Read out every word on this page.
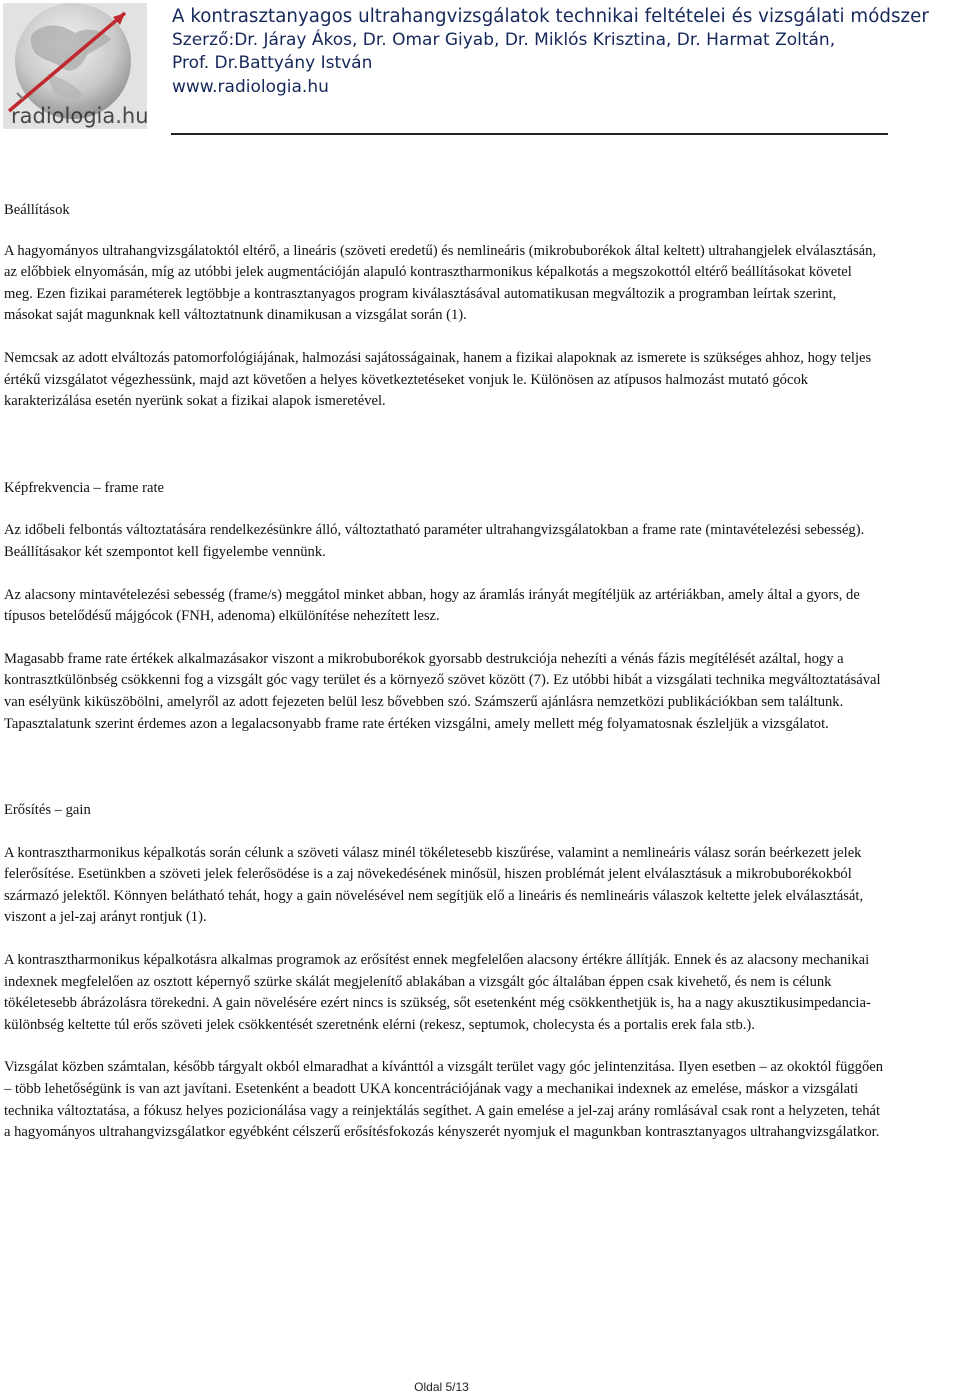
radiologia.hu
A kontrasztanyagos ultrahangvizsgálatok technikai feltételei és vizsgálati módszer
Szerző:Dr. Járay Ákos, Dr. Omar Giyab, Dr. Miklós Krisztina, Dr. Harmat Zoltán,
Prof. Dr.Battyány István
www.radiologia.hu

Beállítások

A hagyományos ultrahangvizsgálatoktól eltérő, a lineáris (szöveti eredetű) és nemlineáris (mikrobuborékok által keltett) ultrahangjelek elválasztásán, az előbbiek elnyomásán, míg az utóbbi jelek augmentációján alapuló kontrasztharmonikus képalkotás a megszokottól eltérő beállításokat követel meg. Ezen fizikai paraméterek legtöbbje a kontrasztanyagos program kiválasztásával automatikusan megváltozik a programban leírtak szerint, másokat saját magunknak kell változtatnunk dinamikusan a vizsgálat során (1).

Nemcsak az adott elváltozás patomorfológiájának, halmozási sajátosságainak, hanem a fizikai alapoknak az ismerete is szükséges ahhoz, hogy teljes értékű vizsgálatot végezhessünk, majd azt követően a helyes következtetéseket vonjuk le. Különösen az atípusos halmozást mutató gócok karakterizálása esetén nyerünk sokat a fizikai alapok ismeretével.

Képfrekvencia – frame rate

Az időbeli felbontás változtatására rendelkezésünkre álló, változtatható paraméter ultrahangvizsgálatokban a frame rate (mintavételezési sebesség). Beállításakor két szempontot kell figyelembe vennünk.

Az alacsony mintavételezési sebesség (frame/s) meggátol minket abban, hogy az áramlás irányát megítéljük az artériákban, amely által a gyors, de típusos betelődésű májgócok (FNH, adenoma) elkülönítése nehezített lesz.

Magasabb frame rate értékek alkalmazásakor viszont a mikrobuborékok gyorsabb destrukciója nehezíti a vénás fázis megítélését azáltal, hogy a kontrasztkülönbség csökkenni fog a vizsgált góc vagy terület és a környező szövet között (7). Ez utóbbi hibát a vizsgálati technika megváltoztatásával van esélyünk kiküszöbölni, amelyről az adott fejezeten belül lesz bővebben szó. Számszerű ajánlásra nemzetközi publikációkban sem találtunk. Tapasztalatunk szerint érdemes azon a legalacsonyabb frame rate értéken vizsgálni, amely mellett még folyamatosnak észleljük a vizsgálatot.

Erősítés – gain

A kontrasztharmonikus képalkotás során célunk a szöveti válasz minél tökéletesebb kiszűrése, valamint a nemlineáris válasz során beérkezett jelek felerősítése. Esetünkben a szöveti jelek felerősödése is a zaj növekedésének minősül, hiszen problémát jelent elválasztásuk a mikrobuborékokból származó jelektől. Könnyen belátható tehát, hogy a gain növelésével nem segítjük elő a lineáris és nemlineáris válaszok keltette jelek elválasztását, viszont a jel-zaj arányt rontjuk (1).

A kontrasztharmonikus képalkotásra alkalmas programok az erősítést ennek megfelelően alacsony értékre állítják. Ennek és az alacsony mechanikai indexnek megfelelően az osztott képernyő szürke skálát megjelenítő ablakában a vizsgált góc általában éppen csak kivehető, és nem is célunk tökéletesebb ábrázolásra törekedni. A gain növelésére ezért nincs is szükség, sőt esetenként még csökkenthetjük is, ha a nagy akusztikusimpedancia-különbség keltette túl erős szöveti jelek csökkentését szeretnénk elérni (rekesz, septumok, cholecysta és a portalis erek fala stb.).

Vizsgálat közben számtalan, később tárgyalt okból elmaradhat a kívánttól a vizsgált terület vagy góc jelintenzitása. Ilyen esetben – az okoktól függően – több lehetőségünk is van azt javítani. Esetenként a beadott UKA koncentrációjának vagy a mechanikai indexnek az emelése, máskor a vizsgálati technika változtatása, a fókusz helyes pozicionálása vagy a reinjektálás segíthet. A gain emelése a jel-zaj arány romlásával csak ront a helyzeten, tehát a hagyományos ultrahangvizsgálatkor egyébként célszerű erősítésfokozás kényszerét nyomjuk el magunkban kontrasztanyagos ultrahangvizsgálatkor.

Oldal 5/13
